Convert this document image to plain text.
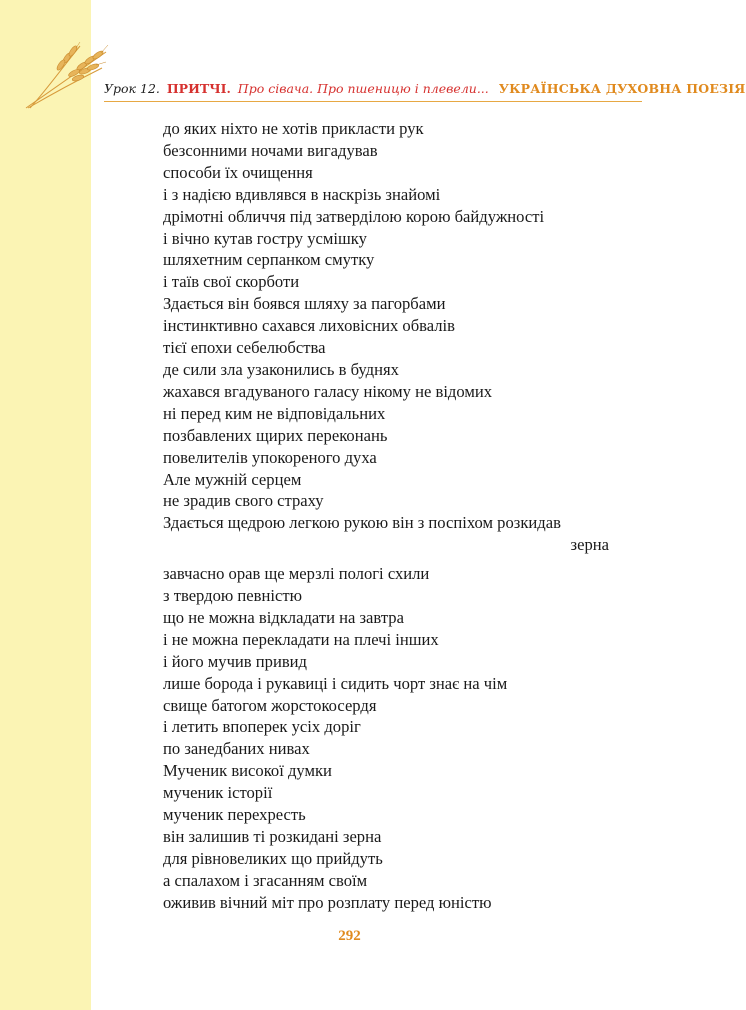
Урок 12. ПРИТЧІ. Про сівача. Про пшеницю і плевели... УКРАЇНСЬКА ДУХОВНА ПОЕЗІЯ
до яких ніхто не хотів прикласти рук
безсонними ночами вигадував
способи їх очищення
і з надією вдивлявся в наскрізь знайомі
дрімотні обличчя під затверділою корою байдужності
і вічно кутав гостру усмішку
шляхетним серпанком смутку
і таїв свої скорботи
Здається він боявся шляху за пагорбами
інстинктивно сахався лиховісних обвалів
тієї епохи себелюбства
де сили зла узаконились в буднях
жахався вгадуваного галасу нікому не відомих
ні перед ким не відповідальних
позбавлених щирих переконань
повелителів упокореного духа
Але мужній серцем
не зрадив свого страху
Здається щедрою легкою рукою він з поспіхом розкидав
зерна
завчасно орав ще мерзлі пологі схили
з твердою певністю
що не можна відкладати на завтра
і не можна перекладати на плечі інших
і його мучив привид
лише борода і рукавиці і сидить чорт знає на чім
свище батогом жорстокосердя
і летить впоперек усіх доріг
по занедбаних нивах
Мученик високої думки
мученик історії
мученик перехресть
він залишив ті розкидані зерна
для рівновеликих що прийдуть
а спалахом і згасанням своїм
оживив вічний міт про розплату перед юністю
292
